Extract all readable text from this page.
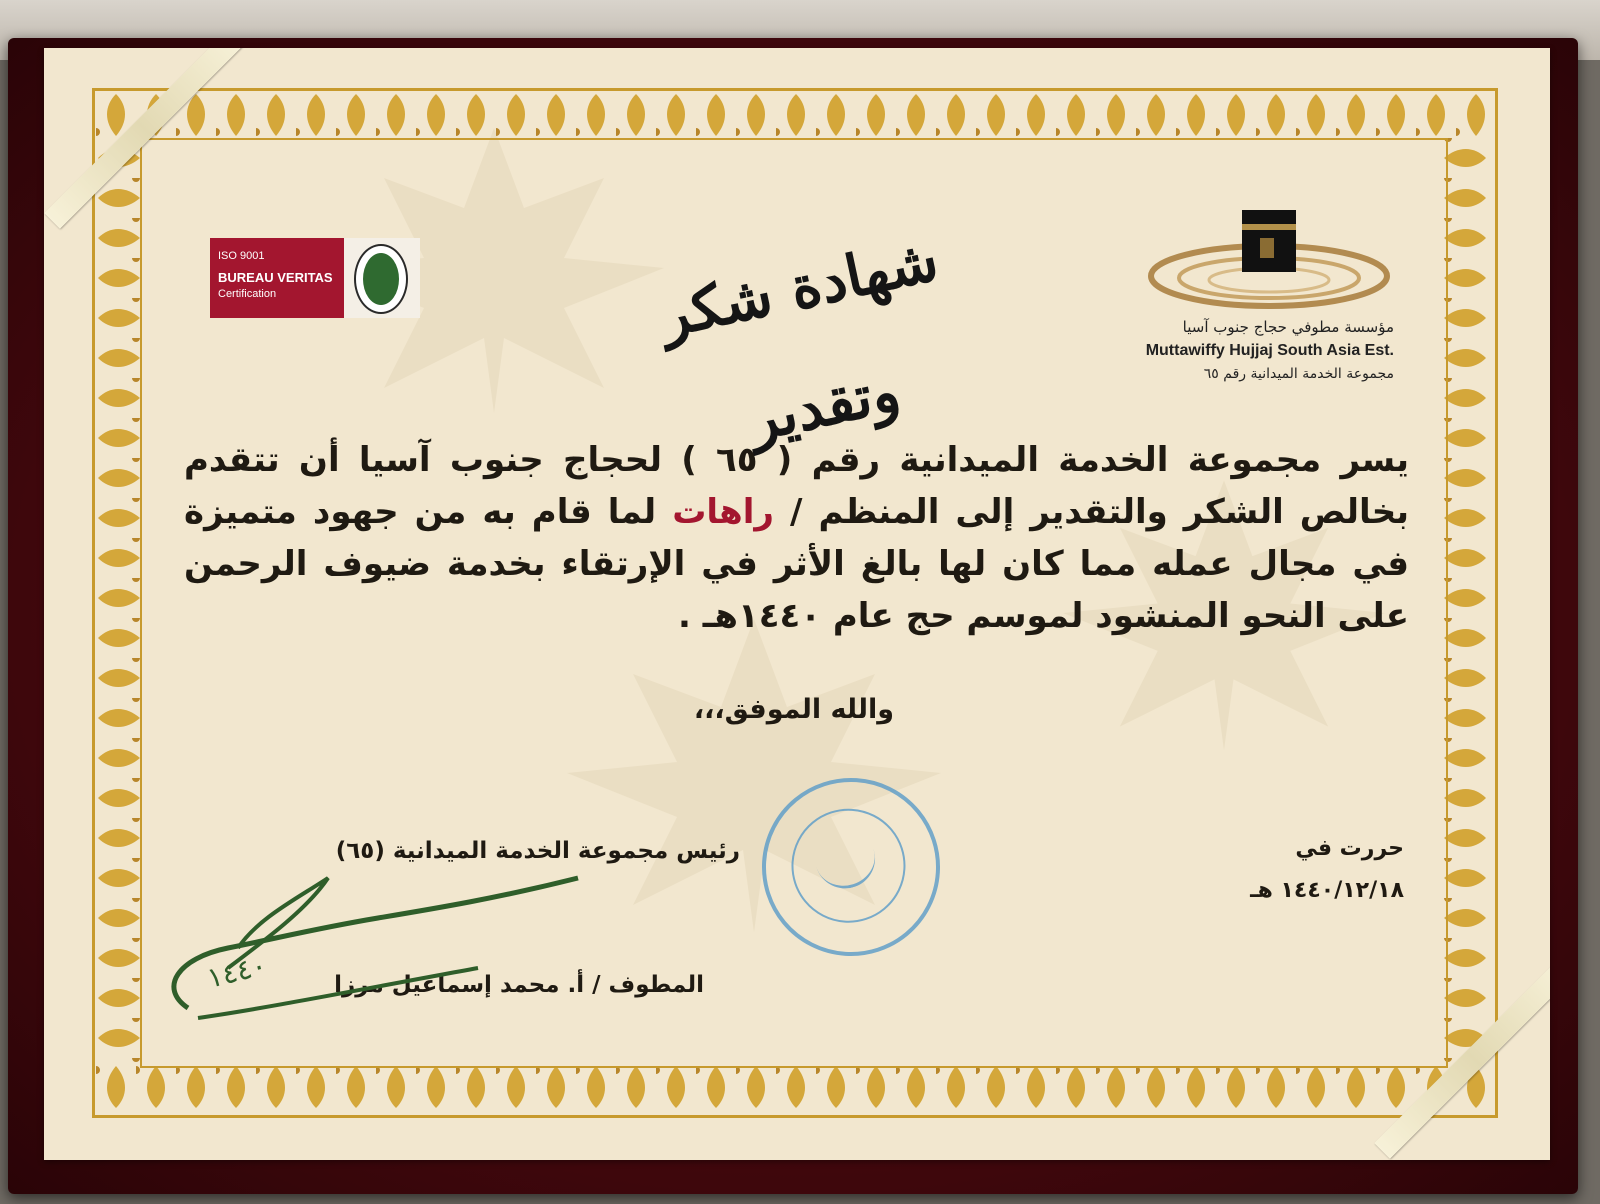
ISO 9001
BUREAU VERITAS
Certification	شهادة شكر وتقدير
مؤسسة مطوفي حجاج جنوب آسيا
Muttawiffy Hujjaj South Asia Est.
مجموعة الخدمة الميدانية رقم ٦٥
يسر مجموعة الخدمة الميدانية رقم ( ٦٥ ) لحجاج جنوب آسيا أن تتقدم بخالص الشكر والتقدير إلى المنظم / راهات لما قام به من جهود متميزة في مجال عمله مما كان لها بالغ الأثر في الإرتقاء بخدمة ضيوف الرحمن على النحو المنشود لموسم حج عام ١٤٤٠هـ .
والله الموفق،،،
رئيس مجموعة الخدمة الميدانية (٦٥)
المطوف / أ. محمد إسماعيل مرزا
١٤٤٠
حررت في
١٤٤٠/١٢/١٨ هـ
